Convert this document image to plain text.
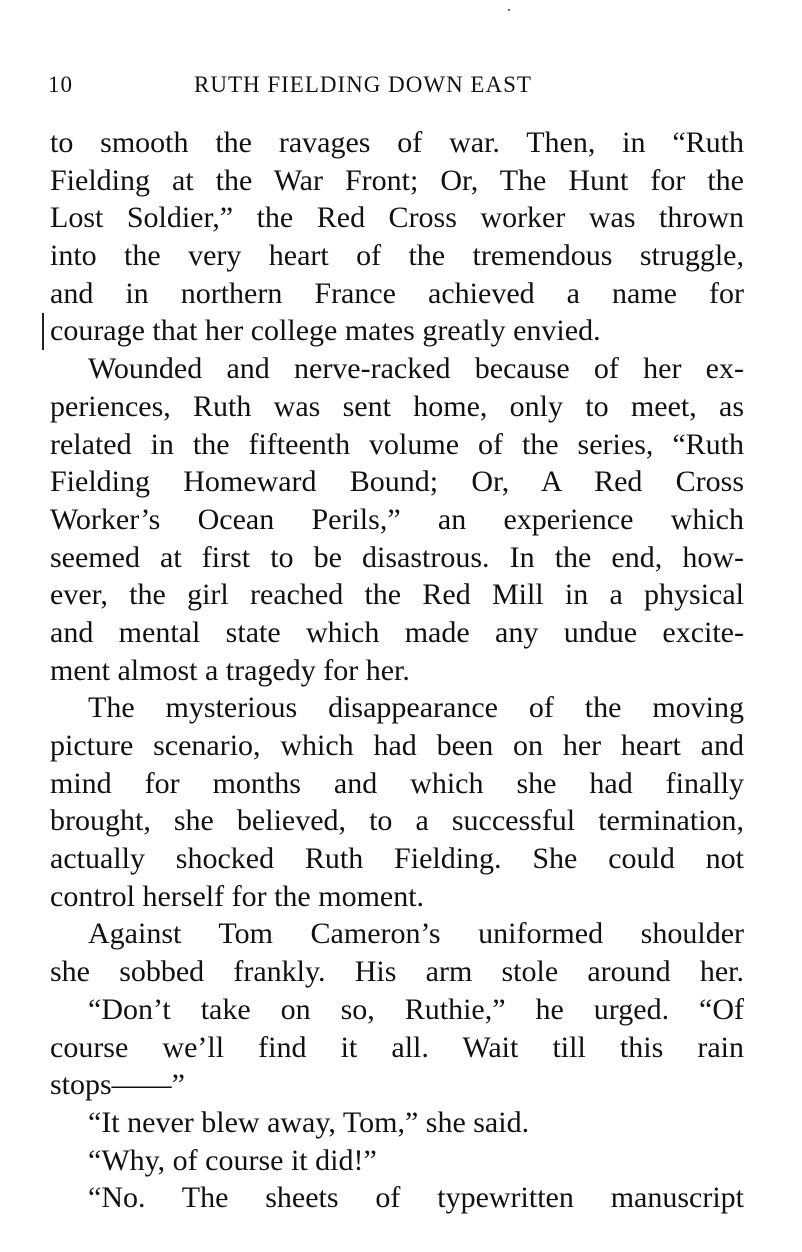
10	RUTH FIELDING DOWN EAST
to smooth the ravages of war. Then, in “Ruth
Fielding at the War Front; Or, The Hunt for the
Lost Soldier,” the Red Cross worker was thrown
into the very heart of the tremendous struggle,
and in northern France achieved a name for
courage that her college mates greatly envied.
Wounded and nerve-racked because of her ex-
periences, Ruth was sent home, only to meet, as
related in the fifteenth volume of the series, “Ruth
Fielding Homeward Bound; Or, A Red Cross
Worker’s Ocean Perils,” an experience which
seemed at first to be disastrous. In the end, how-
ever, the girl reached the Red Mill in a physical
and mental state which made any undue excite-
ment almost a tragedy for her.
The mysterious disappearance of the moving
picture scenario, which had been on her heart and
mind for months and which she had finally
brought, she believed, to a successful termination,
actually shocked Ruth Fielding. She could not
control herself for the moment.
Against Tom Cameron’s uniformed shoulder
she sobbed frankly. His arm stole around her.
“Don’t take on so, Ruthie,” he urged. “Of
course we’ll find it all. Wait till this rain
stops——”
“It never blew away, Tom,” she said.
“Why, of course it did!”
“No. The sheets of typewritten manuscript
